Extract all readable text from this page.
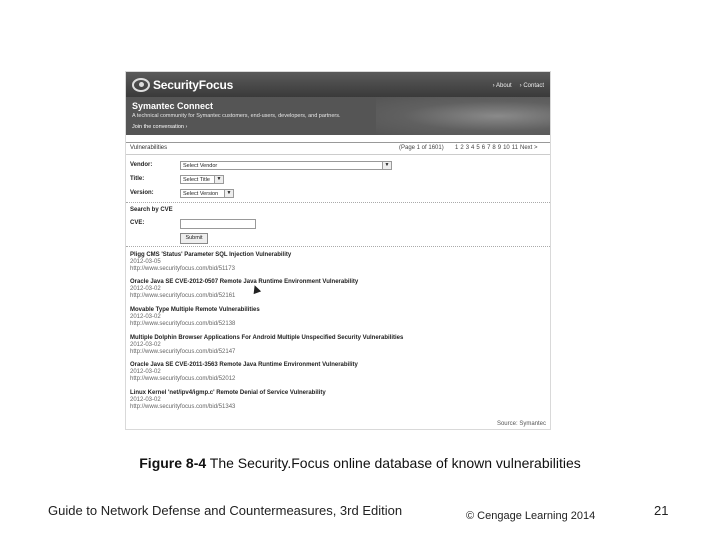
SecurityFocus	› About › Contact
Symantec Connect
A technical community for Symantec customers, end-users, developers, and partners.
Join the conversation ›
Vulnerabilities	(Page 1 of 1601) 1 2 3 4 5 6 7 8 9 10 11 Next >
Vendor:	Select Vendor	▼
Title:	Select Title	▼
Version:	Select Version	▼
Search by CVE
CVE:
Submit
Pligg CMS 'Status' Parameter SQL Injection Vulnerability
2012-03-05
http://www.securityfocus.com/bid/51173
Oracle Java SE CVE-2012-0507 Remote Java Runtime Environment Vulnerability
2012-03-02
http://www.securityfocus.com/bid/52161
Movable Type Multiple Remote Vulnerabilities
2012-03-02
http://www.securityfocus.com/bid/52138
Multiple Dolphin Browser Applications For Android Multiple Unspecified Security Vulnerabilities
2012-03-02
http://www.securityfocus.com/bid/52147
Oracle Java SE CVE-2011-3563 Remote Java Runtime Environment Vulnerability
2012-03-02
http://www.securityfocus.com/bid/52012
Linux Kernel 'net/ipv4/igmp.c' Remote Denial of Service Vulnerability
2012-03-02
http://www.securityfocus.com/bid/51343
Source: Symantec
Figure 8-4 The Security.Focus online database of known vulnerabilities
Guide to Network Defense and Countermeasures, 3rd Edition	© Cengage Learning 2014	21
